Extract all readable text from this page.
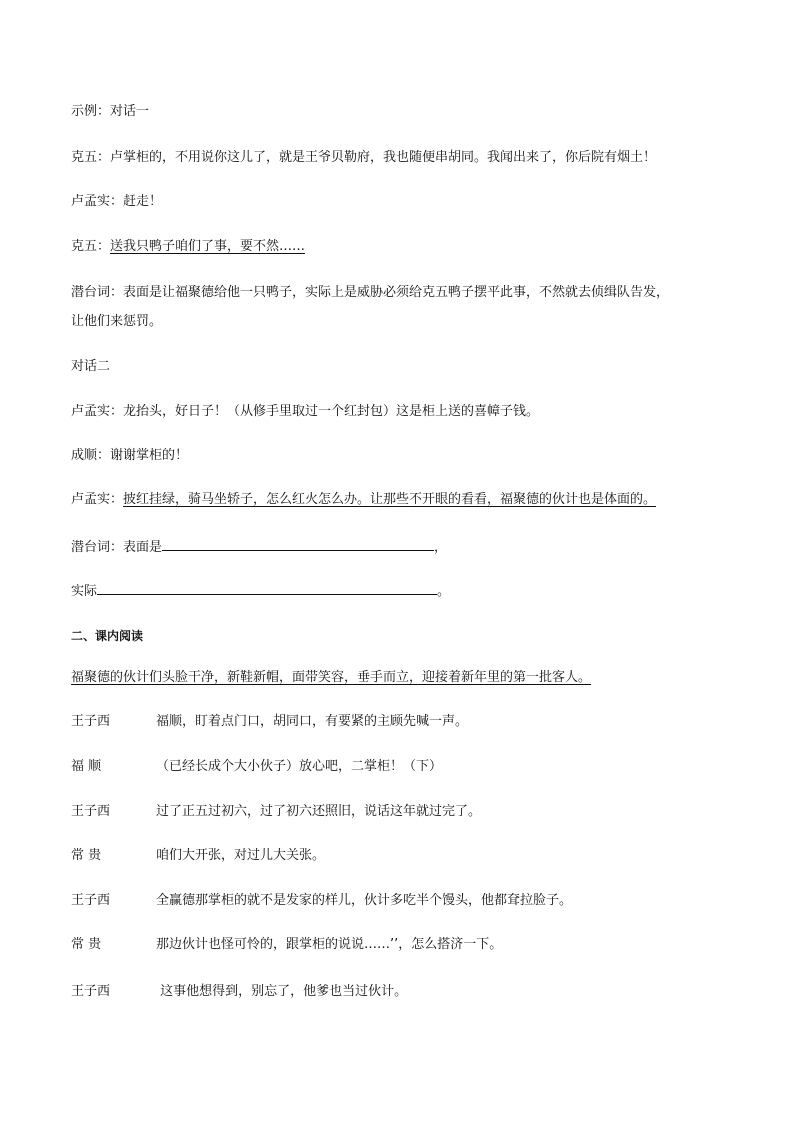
示例：对话一
克五：卢掌柜的，不用说你这儿了，就是王爷贝勒府，我也随便串胡同。我闻出来了，你后院有烟土！
卢孟实：赶走！
克五：送我只鸭子咱们了事，要不然……
潜台词：表面是让福聚德给他一只鸭子，实际上是威胁必须给克五鸭子摆平此事，不然就去侦缉队告发，
让他们来惩罚。
对话二
卢孟实：龙抬头，好日子！（从修手里取过一个红封包）这是柜上送的喜幛子钱。
成顺：谢谢掌柜的！
卢孟实：披红挂绿，骑马坐轿子，怎么红火怎么办。让那些不开眼的看看，福聚德的伙计也是体面的。
潜台词：表面是	，
实际	。
二、课内阅读
福聚德的伙计们头脸干净，新鞋新帽，面带笑容，垂手而立，迎接着新年里的第一批客人。
王子西	福顺，盯着点门口，胡同口，有要紧的主顾先喊一声。
福 顺	（已经长成个大小伙子）放心吧，二掌柜！（下）
王子西	过了正五过初六，过了初六还照旧，说话这年就过完了。
常 贵	咱们大开张，对过儿大关张。
王子西	全赢德那掌柜的就不是发家的样儿，伙计多吃半个馒头，他都耷拉脸子。
常 贵	那边伙计也怪可怜的，跟掌柜的说说……’’，怎么搭济一下。
王子西	这事他想得到，别忘了，他爹也当过伙计。
